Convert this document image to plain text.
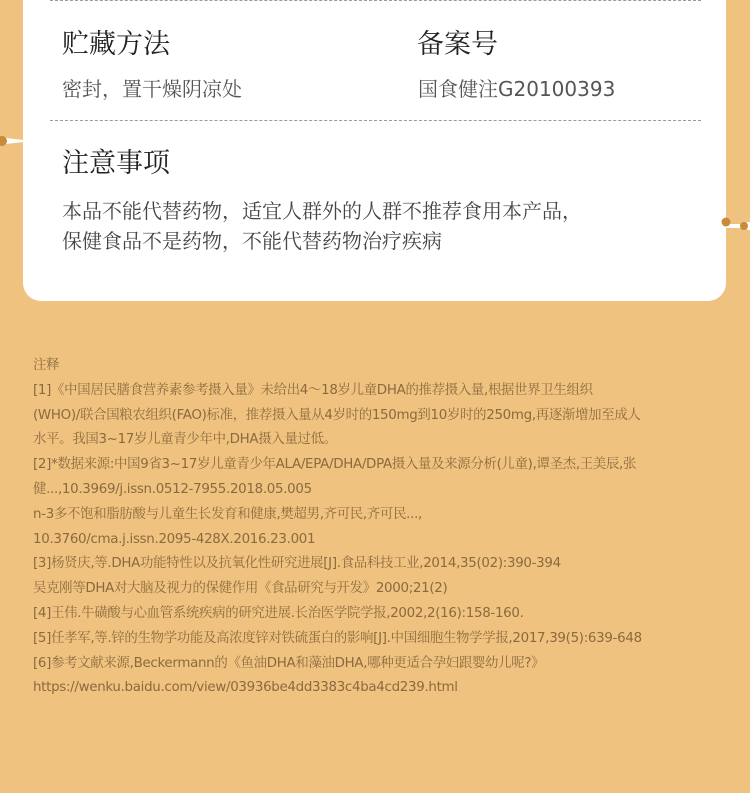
贮藏方法
密封，置干燥阴凉处
备案号
国食健注G20100393
注意事项
本品不能代替药物，适宜人群外的人群不推荐食用本产品，
保健食品不是药物，不能代替药物治疗疾病
注释
[1]《中国居民膳食营养素参考摄入量》未给出4～18岁儿童DHA的推荐摄入量,根据世界卫生组织
(WHO)/联合国粮农组织(FAO)标准，推荐摄入量从4岁时的150mg到10岁时的250mg,再逐渐增加至成人
水平。我国3~17岁儿童青少年中,DHA摄入量过低。
[2]*数据来源:中国9省3~17岁儿童青少年ALA/EPA/DHA/DPA摄入量及来源分析(儿童),谭圣杰,王美辰,张
健...,10.3969/j.issn.0512-7955.2018.05.005
n-3多不饱和脂肪酸与儿童生长发育和健康,樊超男,齐可民,齐可民...,
10.3760/cma.j.issn.2095-428X.2016.23.001
[3]杨贤庆,等.DHA功能特性以及抗氧化性研究进展[J].食品科技工业,2014,35(02):390-394
吴克刚等DHA对大脑及视力的保健作用《食品研究与开发》2000;21(2)
[4]王伟.牛磺酸与心血管系统疾病的研究进展.长治医学院学报,2002,2(16):158-160.
[5]任孝军,等.锌的生物学功能及高浓度锌对铁硫蛋白的影响[J].中国细胞生物学学报,2017,39(5):639-648
[6]参考文献来源,Beckermann的《鱼油DHA和藻油DHA,哪种更适合孕妇跟婴幼儿呢?》
https://wenku.baidu.com/view/03936be4dd3383c4ba4cd239.html
